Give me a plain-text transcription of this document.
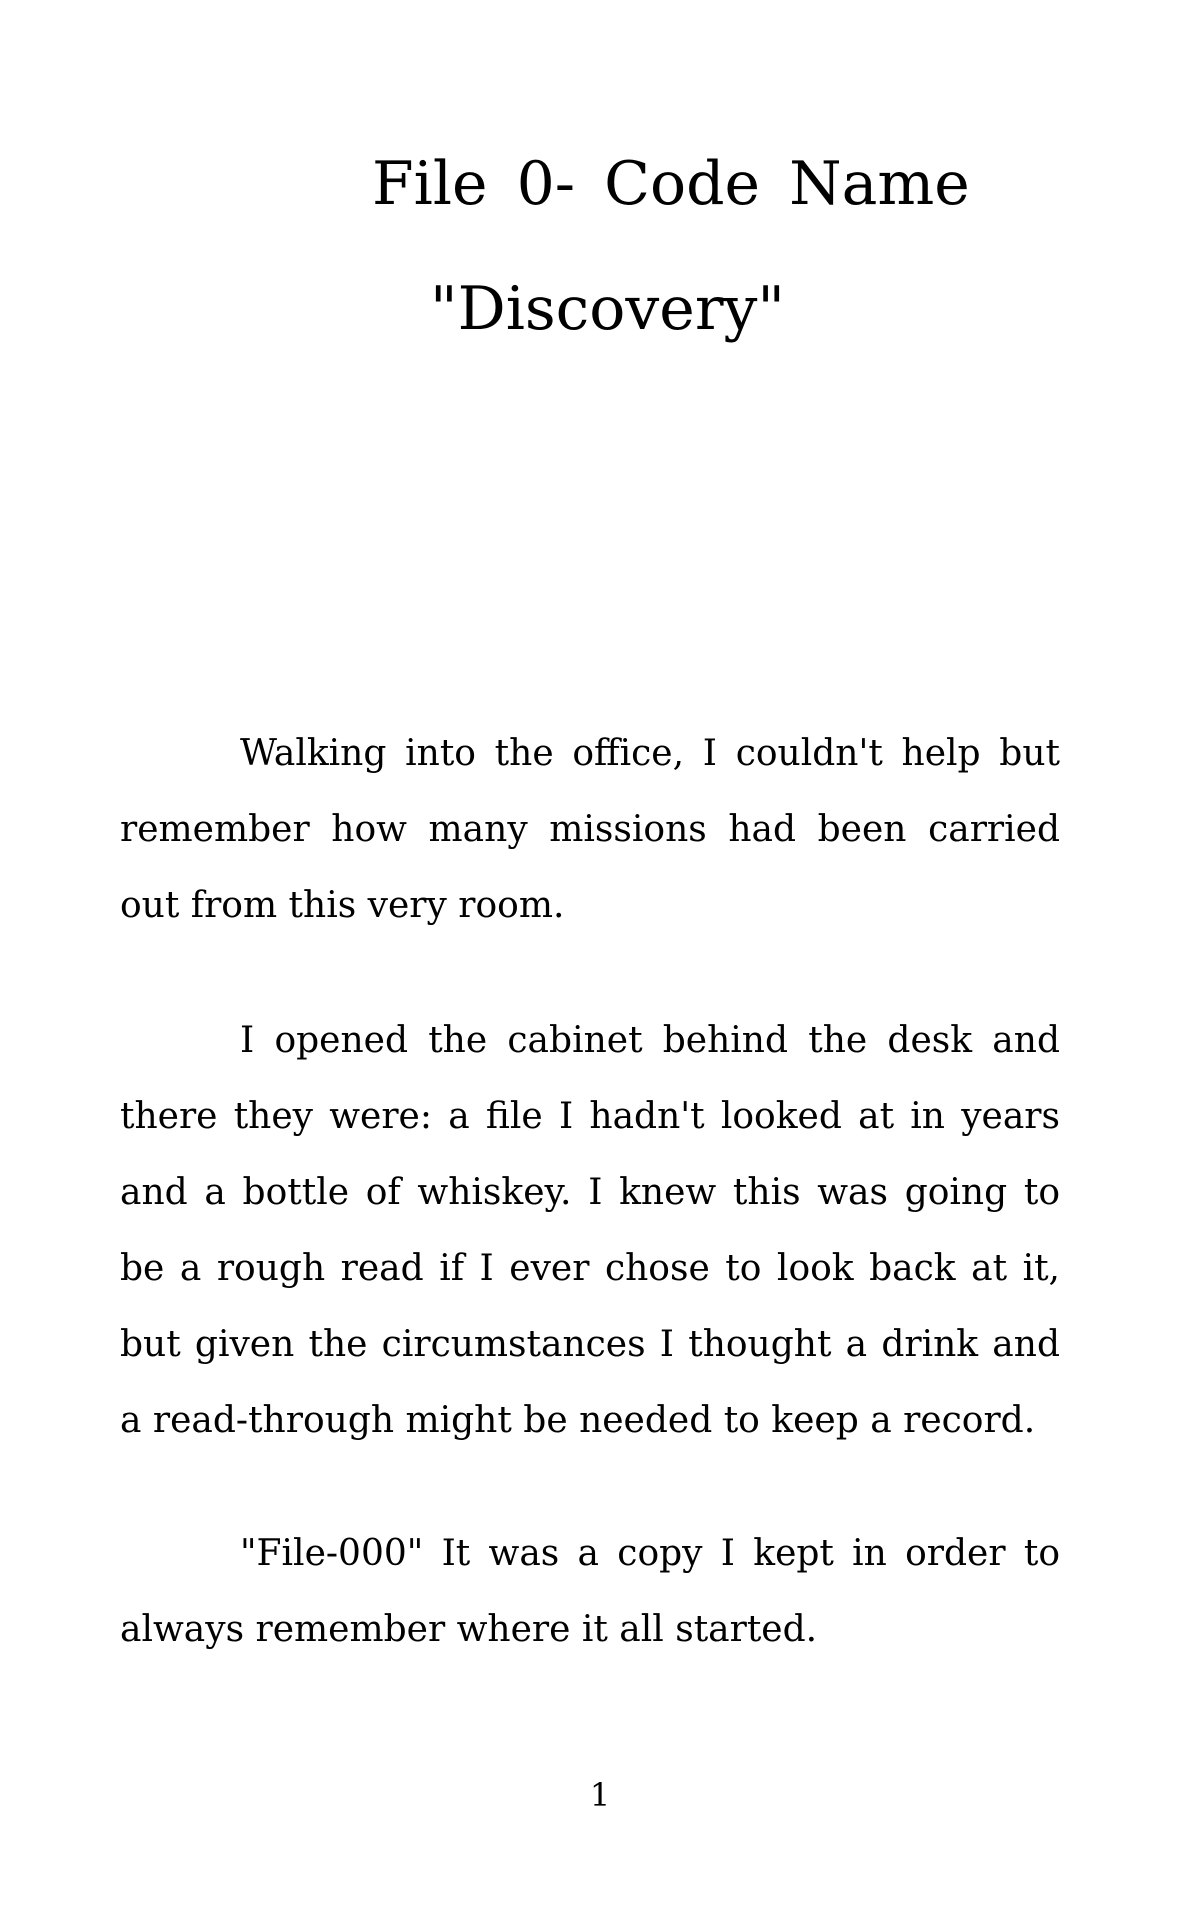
File 0- Code Name
"Discovery"

Walking into the office, I couldn't help but remember how many missions had been carried out from this very room.

I opened the cabinet behind the desk and there they were: a file I hadn't looked at in years and a bottle of whiskey. I knew this was going to be a rough read if I ever chose to look back at it, but given the circumstances I thought a drink and a read-through might be needed to keep a record.

"File-000" It was a copy I kept in order to always remember where it all started.

1
